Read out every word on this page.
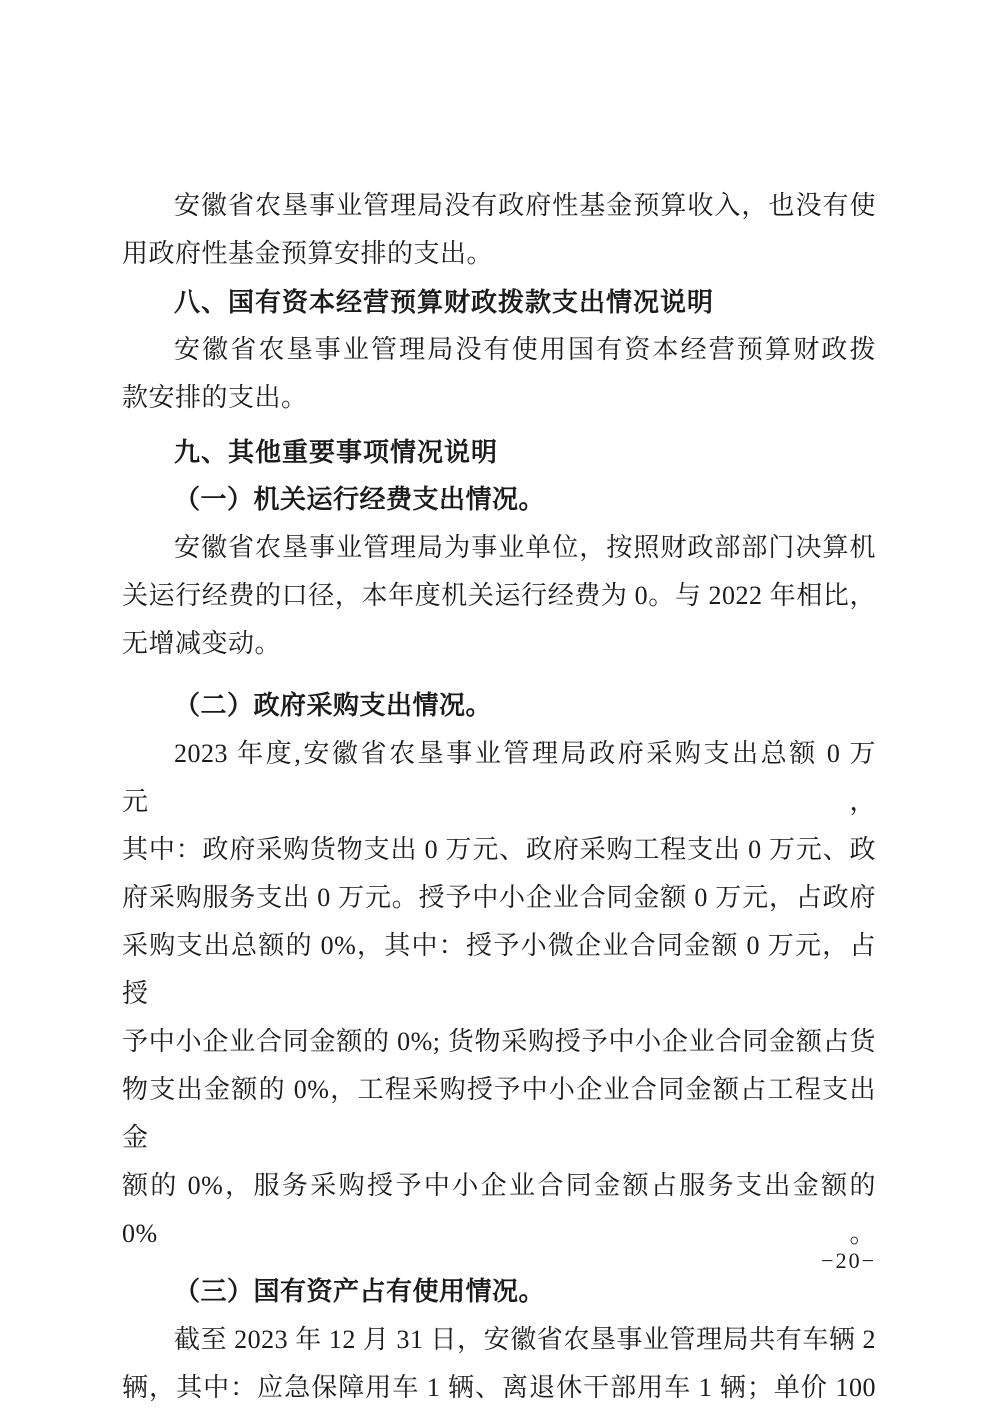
安徽省农垦事业管理局没有政府性基金预算收入，也没有使
用政府性基金预算安排的支出。
八、国有资本经营预算财政拨款支出情况说明
安徽省农垦事业管理局没有使用国有资本经营预算财政拨
款安排的支出。
九、其他重要事项情况说明
（一）机关运行经费支出情况。
安徽省农垦事业管理局为事业单位，按照财政部部门决算机
关运行经费的口径，本年度机关运行经费为 0。与 2022 年相比，
无增减变动。
（二）政府采购支出情况。
2023 年度,安徽省农垦事业管理局政府采购支出总额 0 万元，
其中：政府采购货物支出 0 万元、政府采购工程支出 0 万元、政
府采购服务支出 0 万元。授予中小企业合同金额 0 万元，占政府
采购支出总额的 0%，其中：授予小微企业合同金额 0 万元，占授
予中小企业合同金额的 0%; 货物采购授予中小企业合同金额占货
物支出金额的 0%，工程采购授予中小企业合同金额占工程支出金
额的 0%，服务采购授予中小企业合同金额占服务支出金额的 0%。
（三）国有资产占有使用情况。
截至 2023 年 12 月 31 日，安徽省农垦事业管理局共有车辆 2
辆，其中：应急保障用车 1 辆、离退休干部用车 1 辆；单价 100
−20−
